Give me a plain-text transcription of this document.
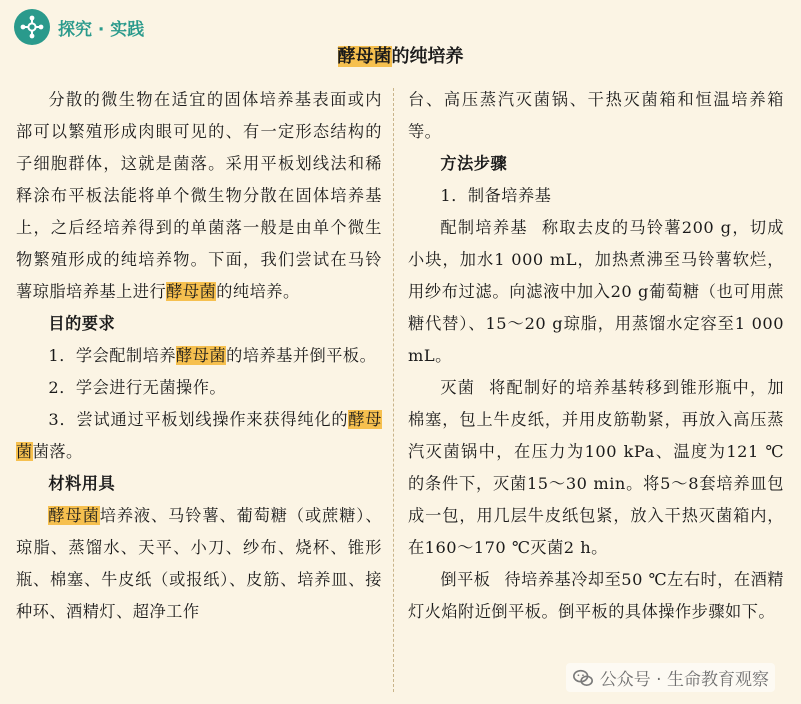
探究 · 实践
酵母菌的纯培养

分散的微生物在适宜的固体培养基表面或内部可以繁殖形成肉眼可见的、有一定形态结构的子细胞群体，这就是菌落。采用平板划线法和稀释涂布平板法能将单个微生物分散在固体培养基上，之后经培养得到的单菌落一般是由单个微生物繁殖形成的纯培养物。下面，我们尝试在马铃薯琼脂培养基上进行酵母菌的纯培养。

目的要求

1．学会配制培养酵母菌的培养基并倒平板。

2．学会进行无菌操作。

3．尝试通过平板划线操作来获得纯化的酵母菌菌落。

材料用具

酵母菌培养液、马铃薯、葡萄糖（或蔗糖）、琼脂、蒸馏水、天平、小刀、纱布、烧杯、锥形瓶、棉塞、牛皮纸（或报纸）、皮筋、培养皿、接种环、酒精灯、超净工作

台、高压蒸汽灭菌锅、干热灭菌箱和恒温培养箱等。

方法步骤

1．制备培养基

配制培养基 称取去皮的马铃薯200 g，切成小块，加水1 000 mL，加热煮沸至马铃薯软烂，用纱布过滤。向滤液中加入20 g葡萄糖（也可用蔗糖代替）、15～20 g琼脂，用蒸馏水定容至1 000 mL。

灭菌 将配制好的培养基转移到锥形瓶中，加棉塞，包上牛皮纸，并用皮筋勒紧，再放入高压蒸汽灭菌锅中，在压力为100 kPa、温度为121 ℃的条件下，灭菌15～30 min。将5～8套培养皿包成一包，用几层牛皮纸包紧，放入干热灭菌箱内，在160～170 ℃灭菌2 h。

倒平板 待培养基冷却至50 ℃左右时，在酒精灯火焰附近倒平板。倒平板的具体操作步骤如下。

公众号 · 生命教育观察
